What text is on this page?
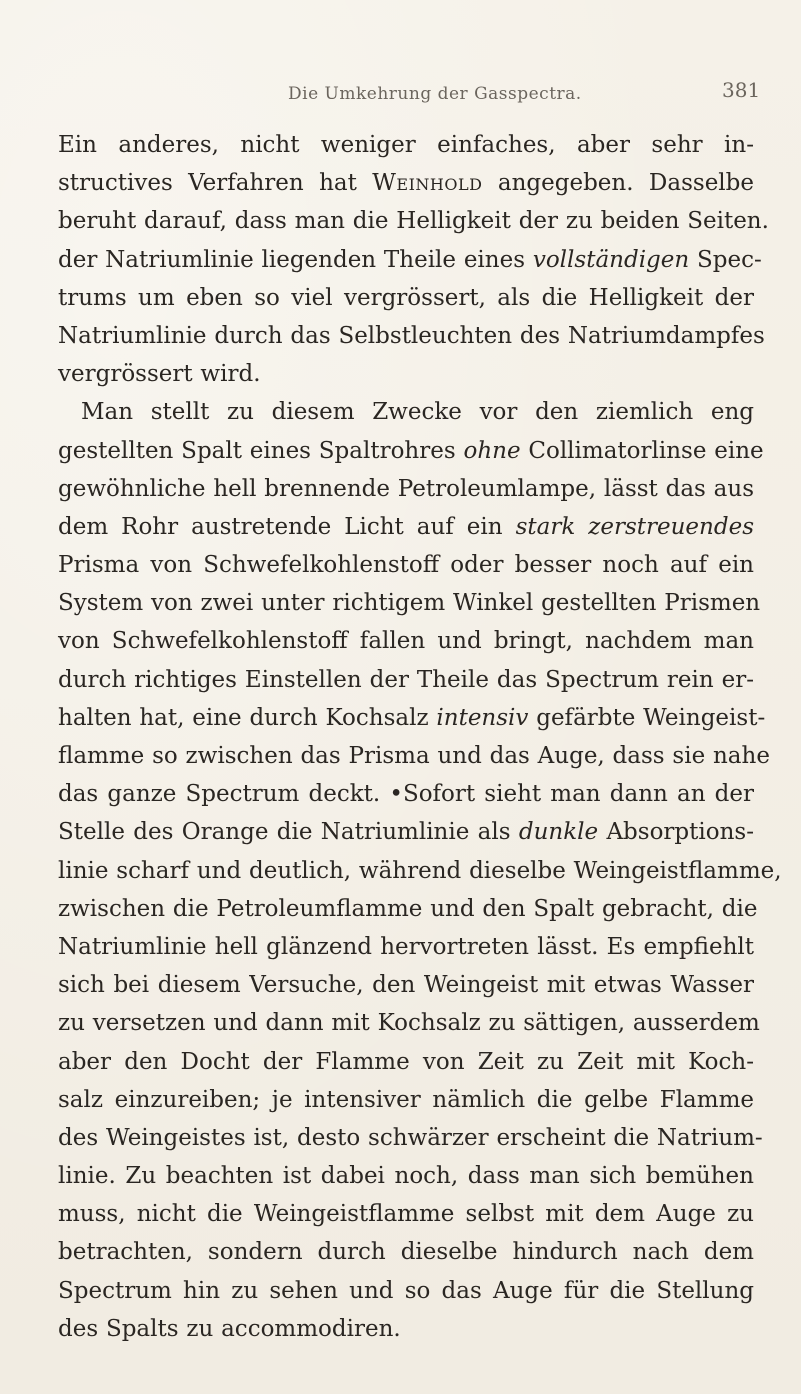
Die Umkehrung der Gasspectra.	381
Ein anderes, nicht weniger einfaches, aber sehr in-
structives Verfahren hat Weinhold angegeben. Dasselbe
beruht darauf, dass man die Helligkeit der zu beiden Seiten.
der Natriumlinie liegenden Theile eines vollständigen Spec-
trums um eben so viel vergrössert, als die Helligkeit der
Natriumlinie durch das Selbstleuchten des Natriumdampfes
vergrössert wird.
Man stellt zu diesem Zwecke vor den ziemlich eng
gestellten Spalt eines Spaltrohres ohne Collimatorlinse eine
gewöhnliche hell brennende Petroleumlampe, lässt das aus
dem Rohr austretende Licht auf ein stark zerstreuendes
Prisma von Schwefelkohlenstoff oder besser noch auf ein
System von zwei unter richtigem Winkel gestellten Prismen
von Schwefelkohlenstoff fallen und bringt, nachdem man
durch richtiges Einstellen der Theile das Spectrum rein er-
halten hat, eine durch Kochsalz intensiv gefärbte Weingeist-
flamme so zwischen das Prisma und das Auge, dass sie nahe
das ganze Spectrum deckt. •Sofort sieht man dann an der
Stelle des Orange die Natriumlinie als dunkle Absorptions-
linie scharf und deutlich, während dieselbe Weingeistflamme,
zwischen die Petroleumflamme und den Spalt gebracht, die
Natriumlinie hell glänzend hervortreten lässt. Es empfiehlt
sich bei diesem Versuche, den Weingeist mit etwas Wasser
zu versetzen und dann mit Kochsalz zu sättigen, ausserdem
aber den Docht der Flamme von Zeit zu Zeit mit Koch-
salz einzureiben; je intensiver nämlich die gelbe Flamme
des Weingeistes ist, desto schwärzer erscheint die Natrium-
linie. Zu beachten ist dabei noch, dass man sich bemühen
muss, nicht die Weingeistflamme selbst mit dem Auge zu
betrachten, sondern durch dieselbe hindurch nach dem
Spectrum hin zu sehen und so das Auge für die Stellung
des Spalts zu accommodiren.
